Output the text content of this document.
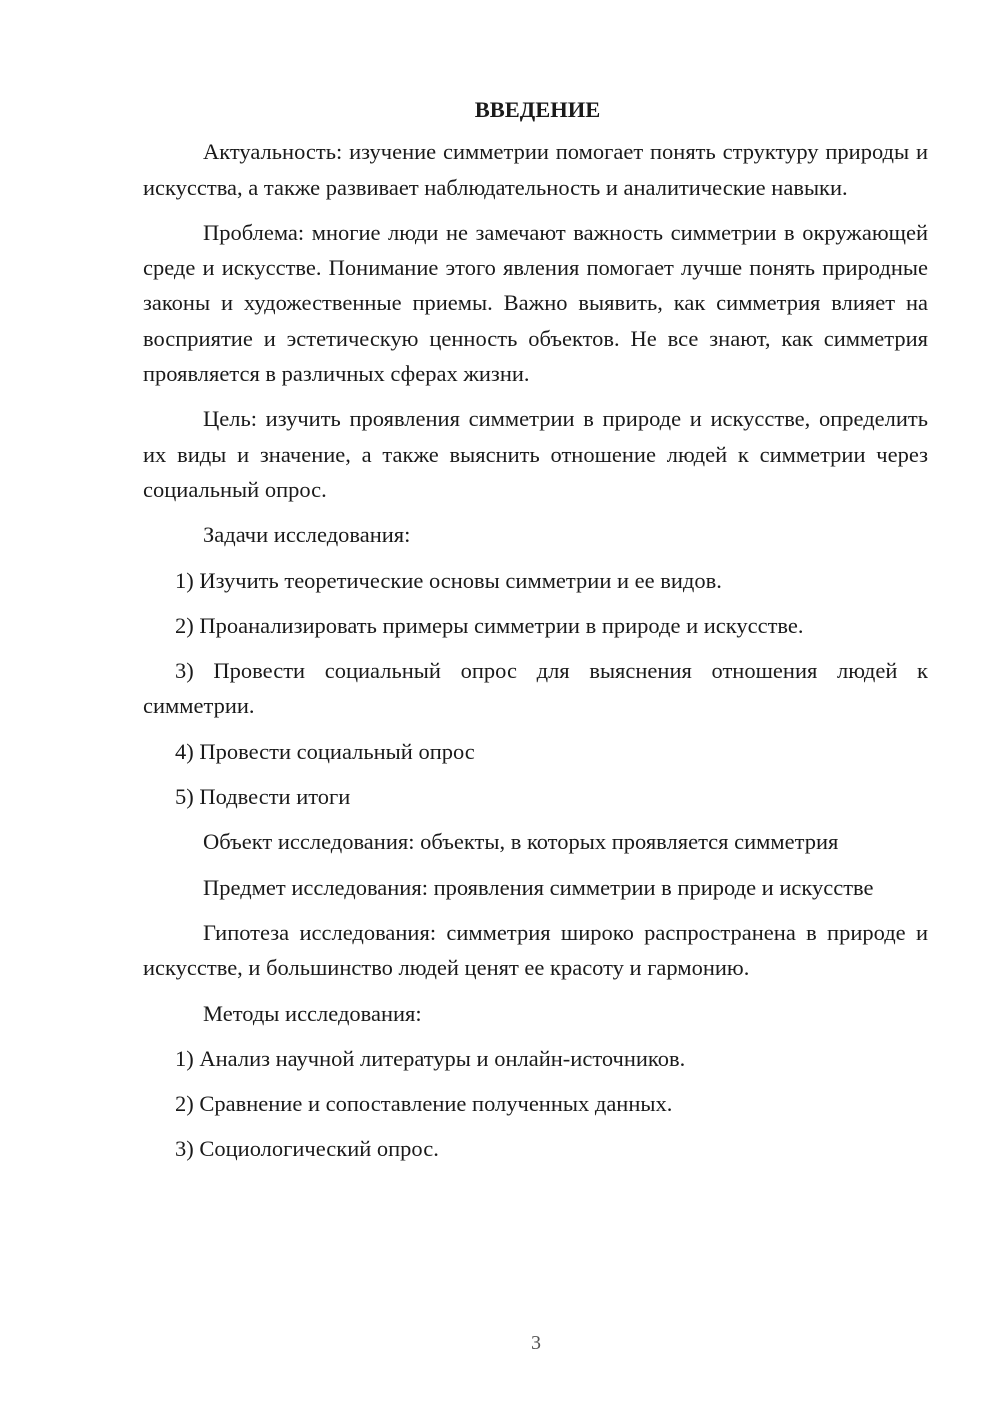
ВВЕДЕНИЕ

Актуальность: изучение симметрии помогает понять структуру природы и искусства, а также развивает наблюдательность и аналитические навыки.

Проблема: многие люди не замечают важность симметрии в окружающей среде и искусстве. Понимание этого явления помогает лучше понять природные законы и художественные приемы. Важно выявить, как симметрия влияет на восприятие и эстетическую ценность объектов. Не все знают, как симметрия проявляется в различных сферах жизни.

Цель: изучить проявления симметрии в природе и искусстве, определить их виды и значение, а также выяснить отношение людей к симметрии через социальный опрос.

Задачи исследования:

1) Изучить теоретические основы симметрии и ее видов.

2) Проанализировать примеры симметрии в природе и искусстве.

3) Провести социальный опрос для выяснения отношения людей к симметрии.

4) Провести социальный опрос

5) Подвести итоги

Объект исследования: объекты, в которых проявляется симметрия

Предмет исследования: проявления симметрии в природе и искусстве

Гипотеза исследования: симметрия широко распространена в природе и искусстве, и большинство людей ценят ее красоту и гармонию.

Методы исследования:

1) Анализ научной литературы и онлайн-источников.

2) Сравнение и сопоставление полученных данных.

3) Социологический опрос.

3
